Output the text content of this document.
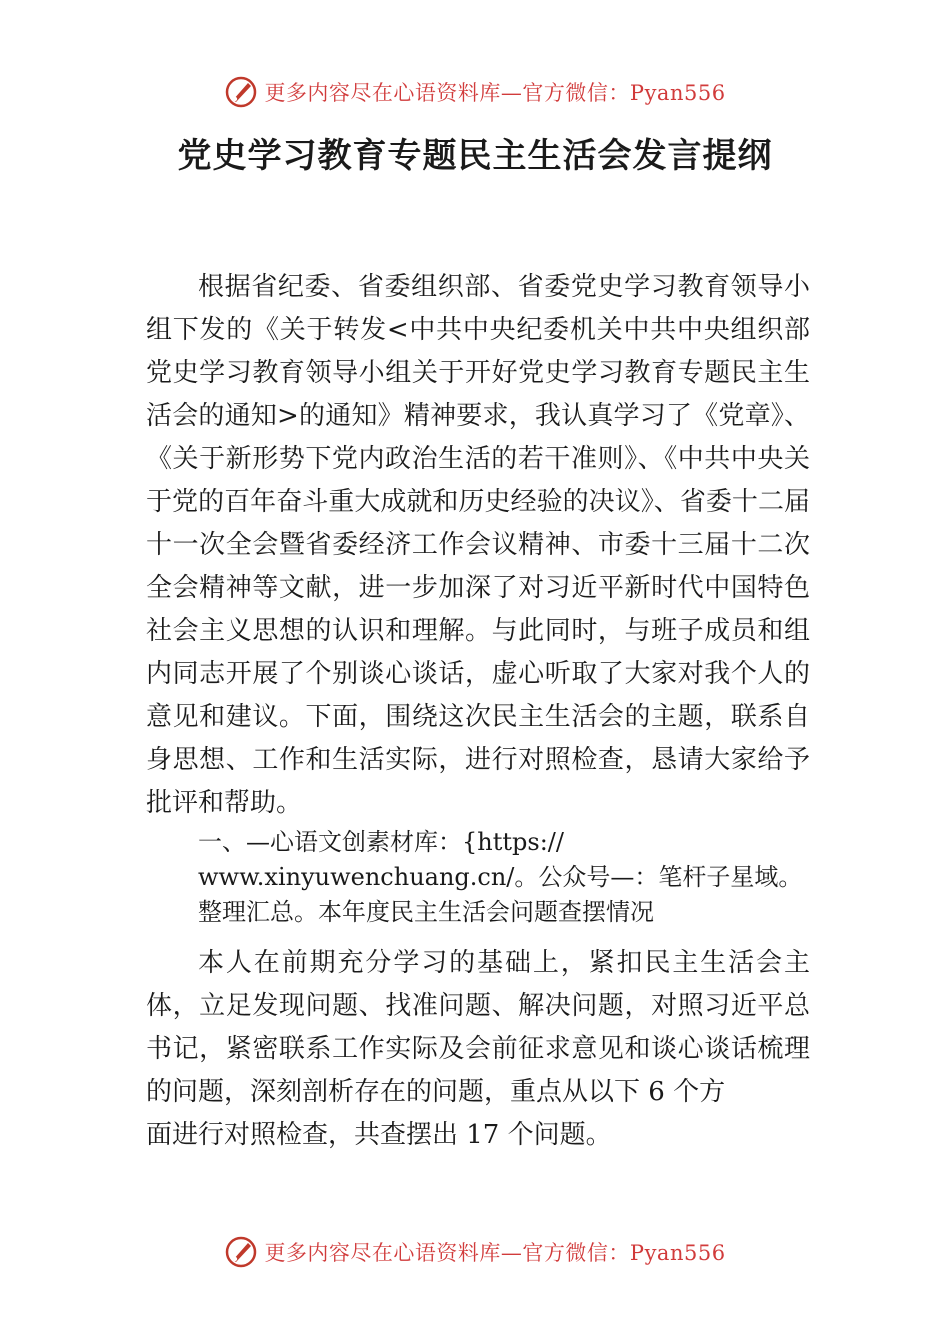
更多内容尽在心语资料库—官方微信：Pyan556
党史学习教育专题民主生活会发言提纲

根据省纪委、省委组织部、省委党史学习教育领导小组下发的《关于转发<中共中央纪委机关中共中央组织部党史学习教育领导小组关于开好党史学习教育专题民主生活会的通知>的通知》精神要求，我认真学习了《党章》、《关于新形势下党内政治生活的若干准则》、《中共中央关于党的百年奋斗重大成就和历史经验的决议》、省委十二届十一次全会暨省委经济工作会议精神、市委十三届十二次全会精神等文献，进一步加深了对习近平新时代中国特色社会主义思想的认识和理解。与此同时，与班子成员和组内同志开展了个别谈心谈话，虚心听取了大家对我个人的意见和建议。下面，围绕这次民主生活会的主题，联系自身思想、工作和生活实际，进行对照检查，恳请大家给予批评和帮助。

一、—心语文创素材库：{https://
www.xinyuwenchuang.cn/。公众号—：笔杆子星域。
整理汇总。本年度民主生活会问题查摆情况

本人在前期充分学习的基础上，紧扣民主生活会主体，立足发现问题、找准问题、解决问题，对照习近平总书记，紧密联系工作实际及会前征求意见和谈心谈话梳理的问题，深刻剖析存在的问题，重点从以下 6 个方

面进行对照检查，共查摆出 17 个问题。

更多内容尽在心语资料库—官方微信：Pyan556
